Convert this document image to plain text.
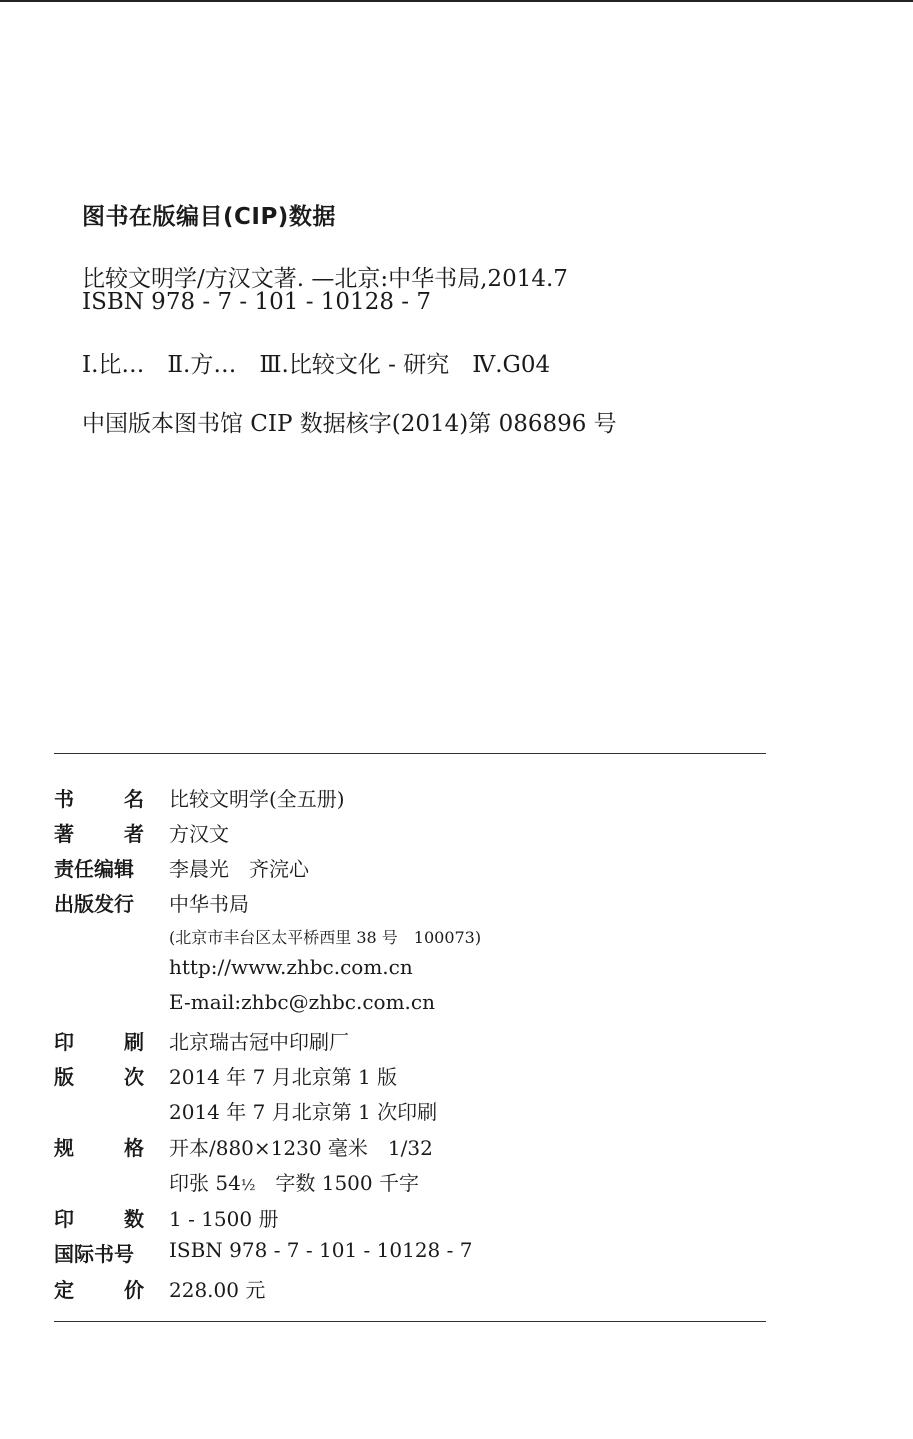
图书在版编目(CIP)数据
比较文明学/方汉文著. —北京:中华书局,2014.7
ISBN 978 - 7 - 101 - 10128 - 7
Ⅰ.比…　Ⅱ.方…　Ⅲ.比较文化 - 研究　Ⅳ.G04
中国版本图书馆 CIP 数据核字(2014)第 086896 号
书	名 比较文明学(全五册)
著	者 方汉文
责任编辑	李晨光　齐浣心
出版发行	中华书局
(北京市丰台区太平桥西里 38 号　100073)
http://www.zhbc.com.cn
E-mail:zhbc@zhbc.com.cn
印	刷 北京瑞古冠中印刷厂
版	次 2014 年 7 月北京第 1 版
2014 年 7 月北京第 1 次印刷
规	格 开本/880×1230 毫米　1/32
印张 54½　字数 1500 千字
印	数 1 - 1500 册
国际书号	ISBN 978 - 7 - 101 - 10128 - 7
定	价 228.00 元
